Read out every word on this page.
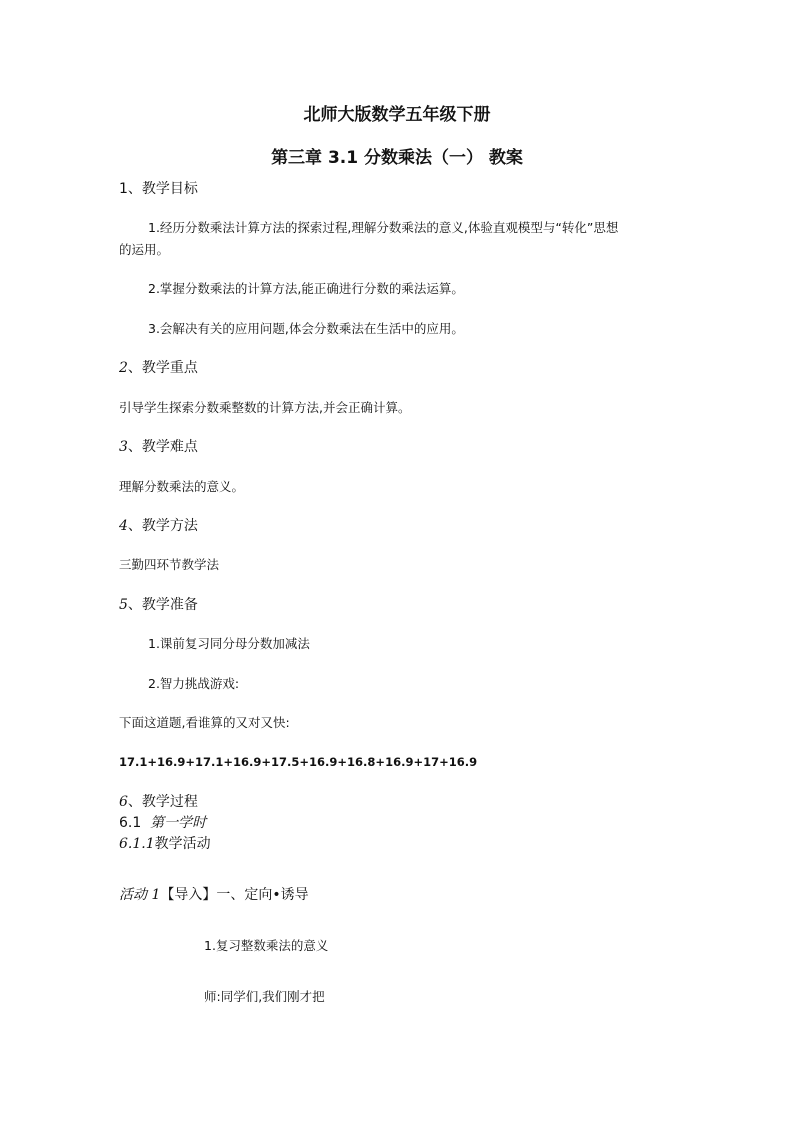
北师大版数学五年级下册
第三章 3.1 分数乘法（一） 教案
1、教学目标
1.经历分数乘法计算方法的探索过程,理解分数乘法的意义,体验直观模型与“转化”思想
的运用。
2.掌握分数乘法的计算方法,能正确进行分数的乘法运算。
3.会解决有关的应用问题,体会分数乘法在生活中的应用。
2、教学重点
引导学生探索分数乘整数的计算方法,并会正确计算。
3、教学难点
理解分数乘法的意义。
4、教学方法
三勤四环节教学法
5、教学准备
1.课前复习同分母分数加减法
2.智力挑战游戏:
下面这道题,看谁算的又对又快:
17.1+16.9+17.1+16.9+17.5+16.9+16.8+16.9+17+16.9
6、教学过程
6.1 第一学时
6.1.1教学活动
活动 1【导入】一、定向•诱导
1.复习整数乘法的意义
师:同学们,我们刚才把
